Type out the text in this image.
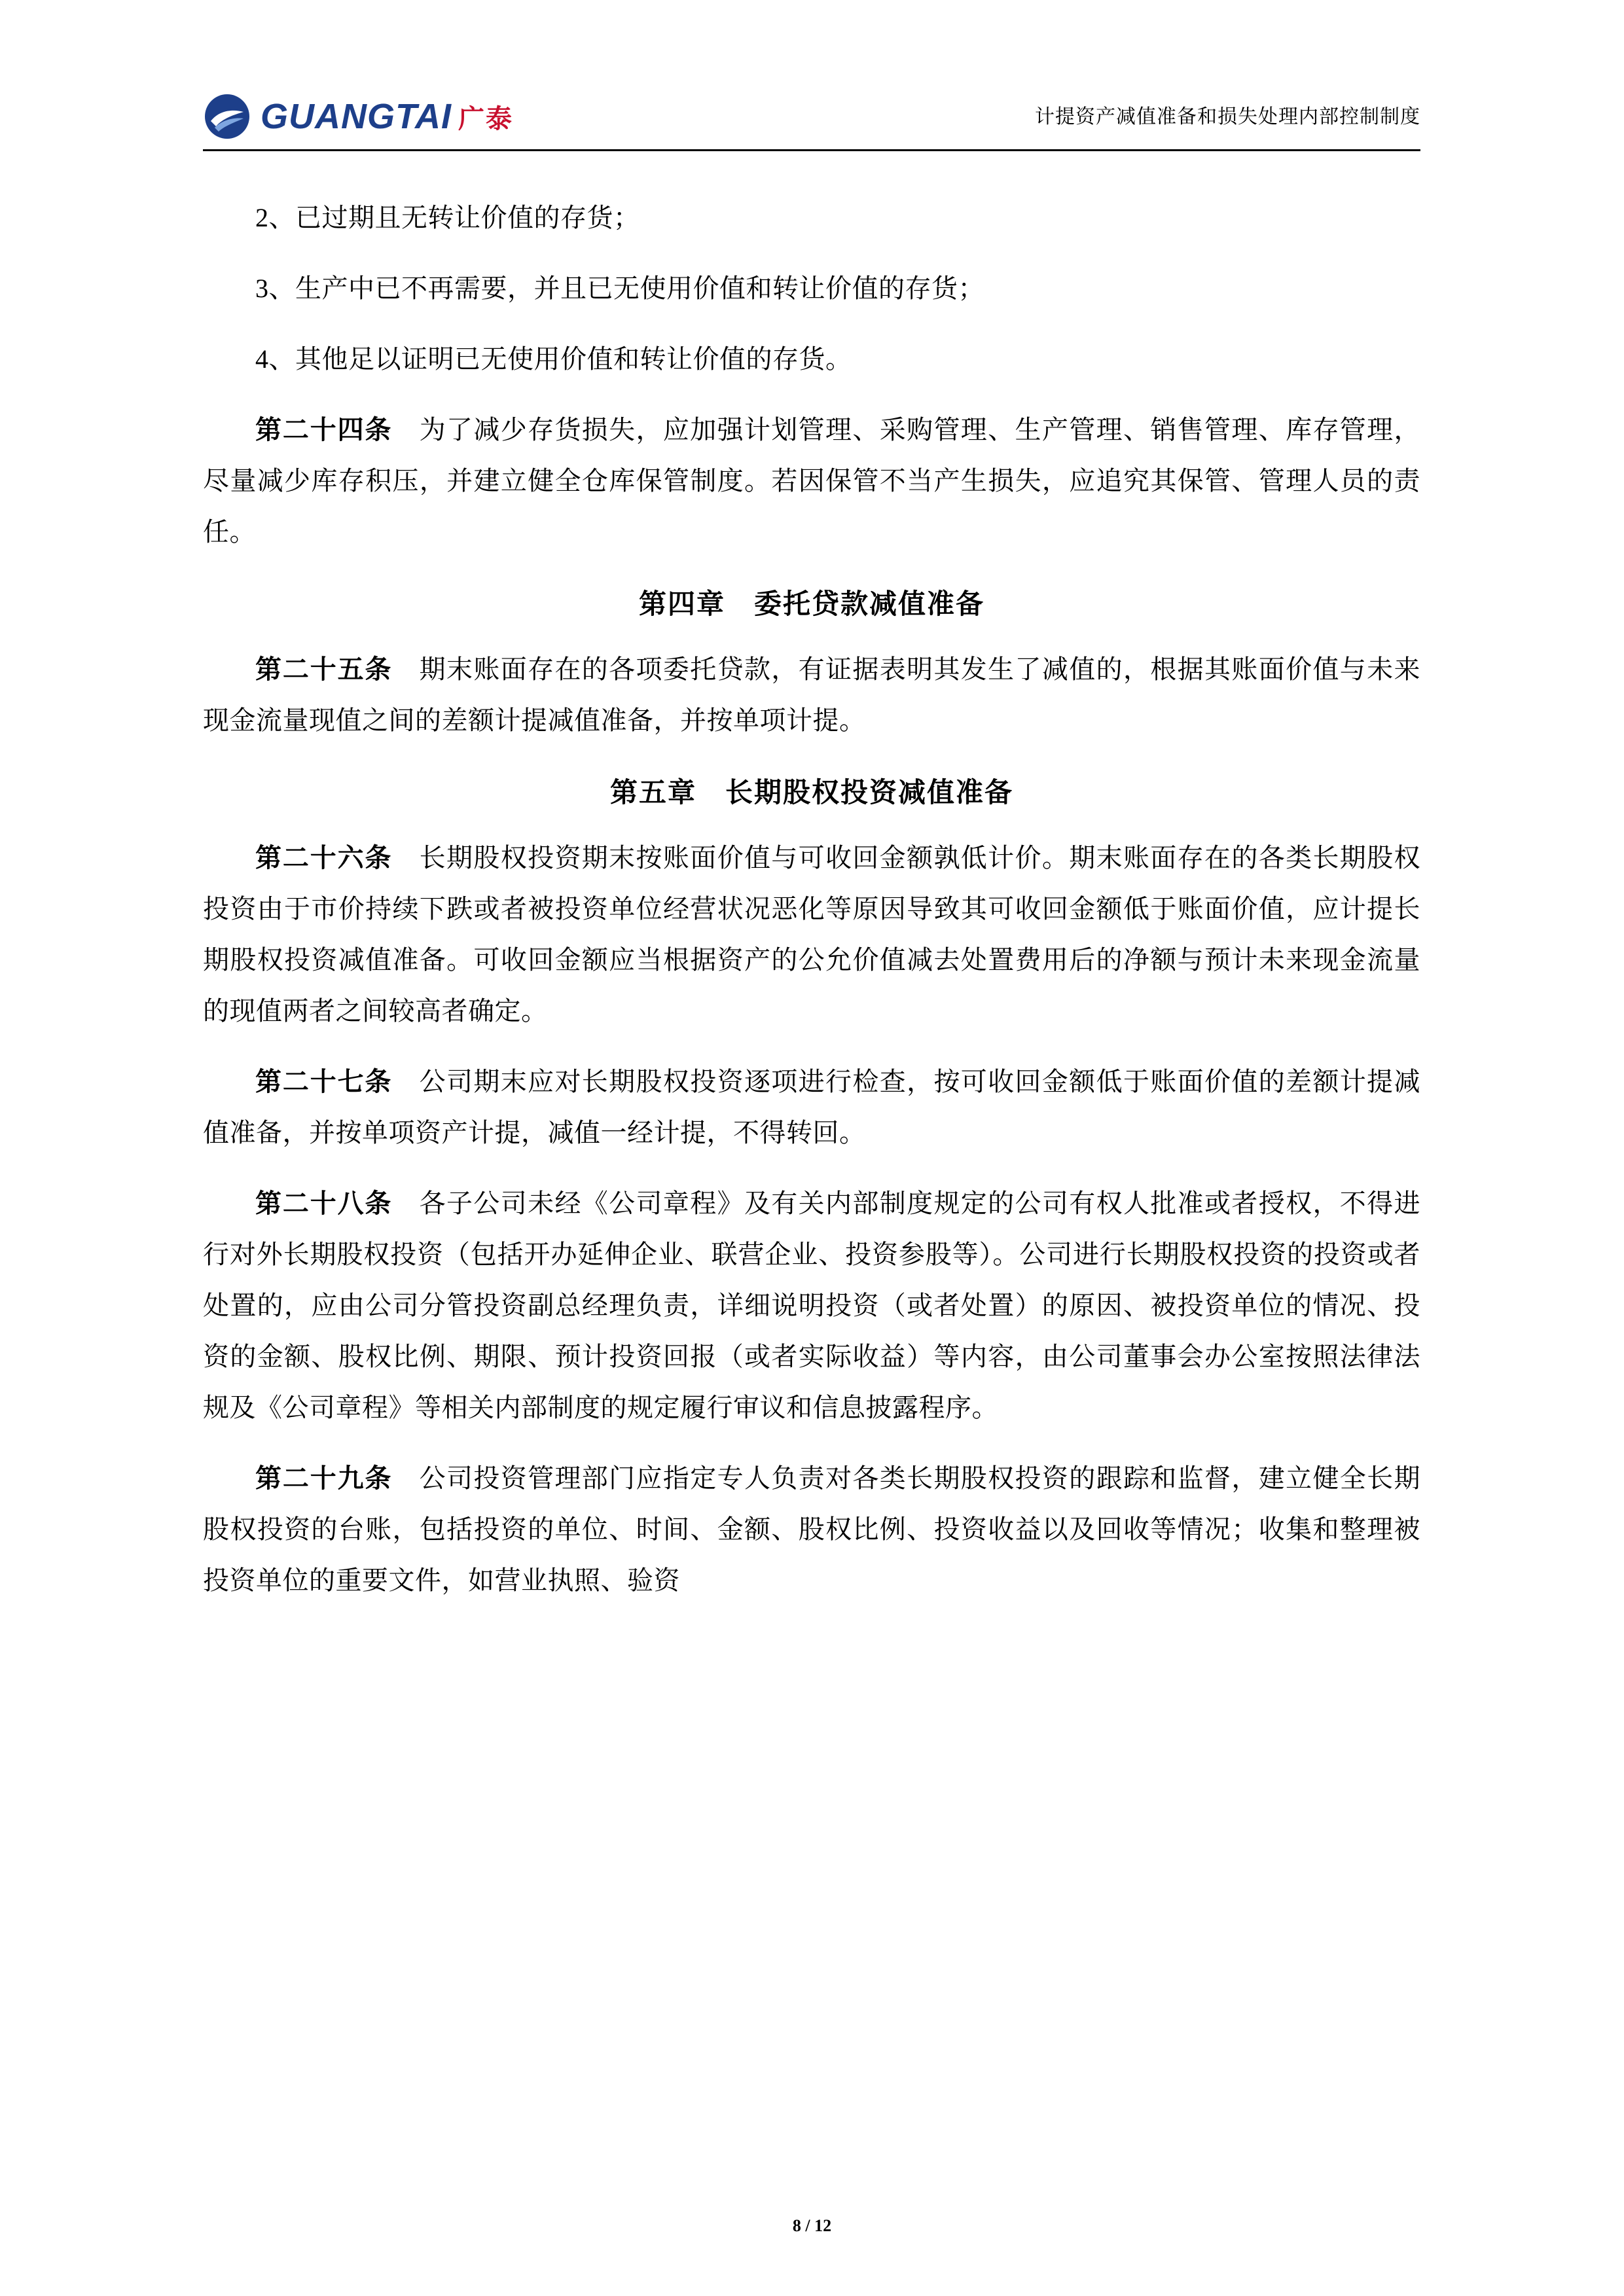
GUANGTAI 广泰	计提资产减值准备和损失处理内部控制制度

2、已过期且无转让价值的存货；

3、生产中已不再需要，并且已无使用价值和转让价值的存货；

4、其他足以证明已无使用价值和转让价值的存货。

第二十四条　 为了减少存货损失，应加强计划管理、采购管理、生产管理、销售管理、库存管理，尽量减少库存积压，并建立健全仓库保管制度。若因保管不当产生损失，应追究其保管、管理人员的责任。

第四章　委托贷款减值准备

第二十五条　 期末账面存在的各项委托贷款，有证据表明其发生了减值的，根据其账面价值与未来现金流量现值之间的差额计提减值准备，并按单项计提。

第五章　长期股权投资减值准备

第二十六条　 长期股权投资期末按账面价值与可收回金额孰低计价。期末账面存在的各类长期股权投资由于市价持续下跌或者被投资单位经营状况恶化等原因导致其可收回金额低于账面价值，应计提长期股权投资减值准备。可收回金额应当根据资产的公允价值减去处置费用后的净额与预计未来现金流量的现值两者之间较高者确定。

第二十七条　 公司期末应对长期股权投资逐项进行检查，按可收回金额低于账面价值的差额计提减值准备，并按单项资产计提，减值一经计提，不得转回。

第二十八条　 各子公司未经《公司章程》及有关内部制度规定的公司有权人批准或者授权，不得进行对外长期股权投资（包括开办延伸企业、联营企业、投资参股等）。公司进行长期股权投资的投资或者处置的，应由公司分管投资副总经理负责，详细说明投资（或者处置）的原因、被投资单位的情况、投资的金额、股权比例、期限、预计投资回报（或者实际收益）等内容，由公司董事会办公室按照法律法规及《公司章程》等相关内部制度的规定履行审议和信息披露程序。

第二十九条　 公司投资管理部门应指定专人负责对各类长期股权投资的跟踪和监督，建立健全长期股权投资的台账，包括投资的单位、时间、金额、股权比例、投资收益以及回收等情况；收集和整理被投资单位的重要文件，如营业执照、验资

8 / 12
